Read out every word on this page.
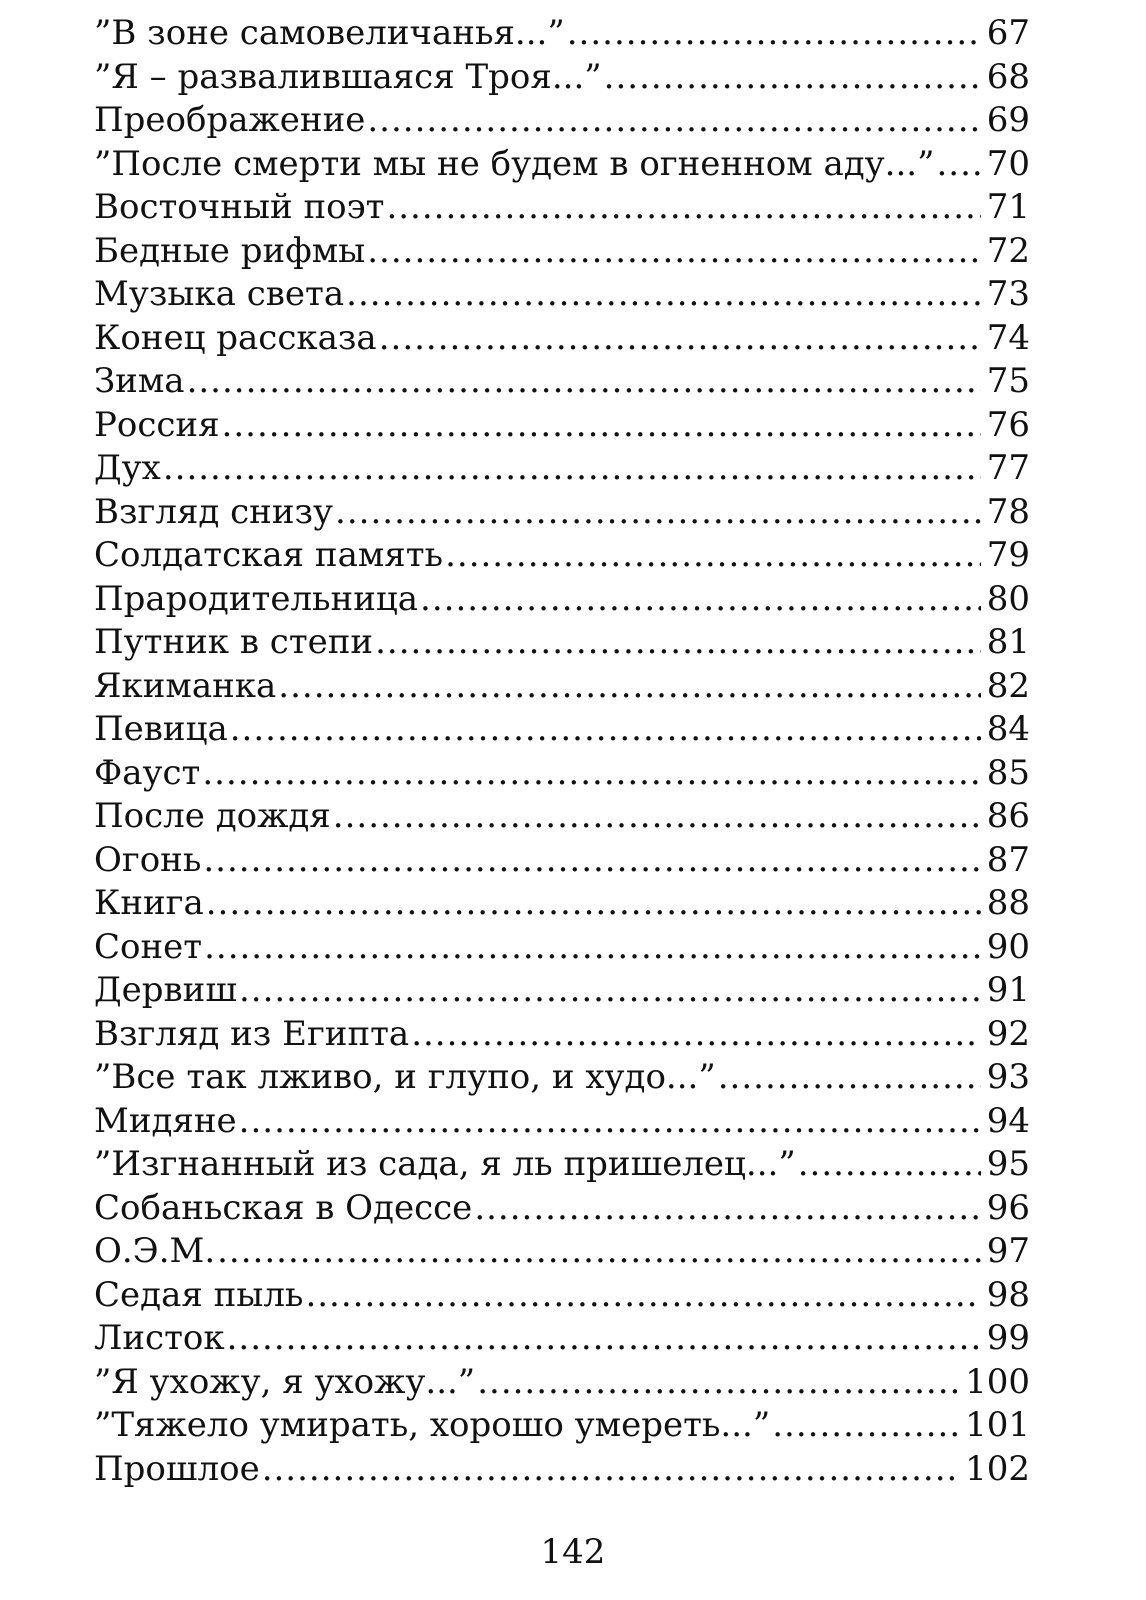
”В зоне самовеличанья...” .....	67
”Я – развалившаяся Троя...” .....	68
Преображение .....	69
”После смерти мы не будем в огненном аду...” ..... 70
Восточный поэт .....	71
Бедные рифмы .....	72
Музыка света .....	73
Конец рассказа .....	74
Зима .....	75
Россия .....	76
Дух .....	77
Взгляд снизу .....	78
Солдатская память .....	79
Прародительница .....	80
Путник в степи .....	81
Якиманка .....	82
Певица .....	84
Фауст .....	85
После дождя .....	86
Огонь .....	87
Книга .....	88
Сонет .....	90
Дервиш .....	91
Взгляд из Египта .....	92
”Все так лживо, и глупо, и худо...” .....	93
Мидяне .....	94
”Изгнанный из сада, я ль пришелец...” .....	95
Собаньская в Одессе .....	96
О.Э.М. .....	97
Седая пыль .....	98
Листок .....	99
”Я ухожу, я ухожу...” .....	100
”Тяжело умирать, хорошо умереть...” .....	101
Прошлое .....	102
142
